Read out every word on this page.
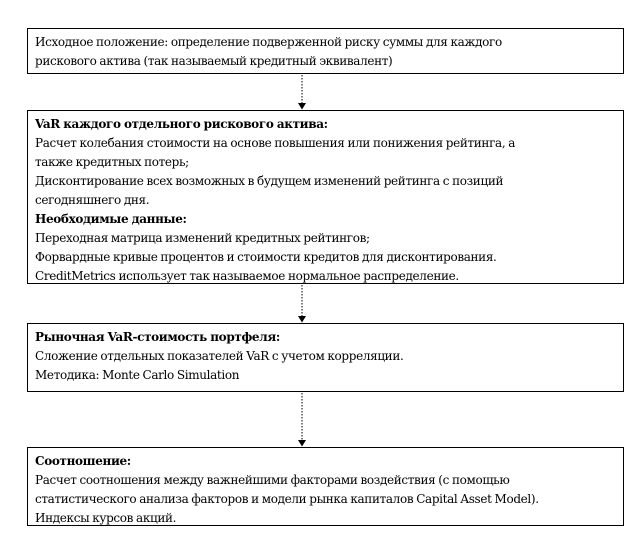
Исходное положение: определение подверженной риску суммы для каждого
рискового актива (так называемый кредитный эквивалент)
VaR каждого отдельного рискового актива:
Расчет колебания стоимости на основе повышения или понижения рейтинга, а
также кредитных потерь;
Дисконтирование всех возможных в будущем изменений рейтинга с позиций
сегодняшнего дня.
Необходимые данные:
Переходная матрица изменений кредитных рейтингов;
Форвардные кривые процентов и стоимости кредитов для дисконтирования.
CreditMetrics использует так называемое нормальное распределение.
Рыночная VaR-стоимость портфеля:
Сложение отдельных показателей VaR с учетом корреляции.
Методика: Monte Carlo Simulation
Соотношение:
Расчет соотношения между важнейшими факторами воздействия (с помощью
статистического анализа факторов и модели рынка капиталов Capital Asset Model).
Индексы курсов акций.
